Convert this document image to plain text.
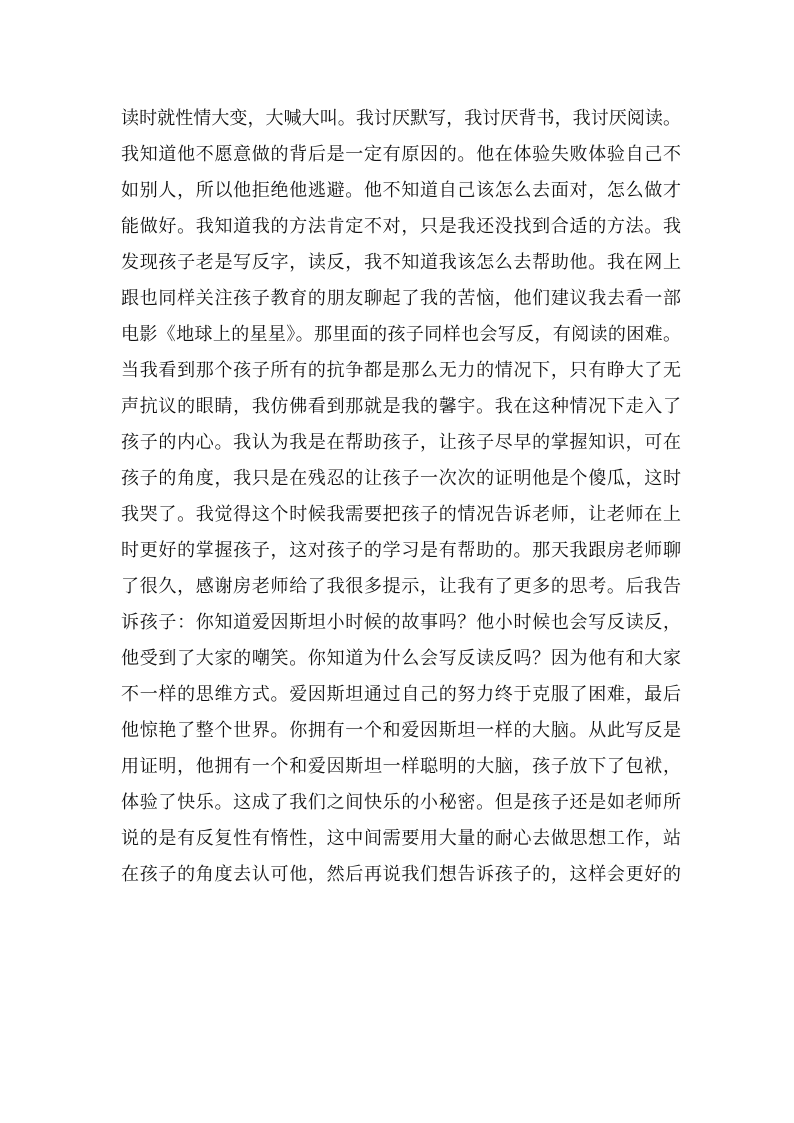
读时就性情大变，大喊大叫。我讨厌默写，我讨厌背书，我讨厌阅读。
我知道他不愿意做的背后是一定有原因的。他在体验失败体验自己不
如别人，所以他拒绝他逃避。他不知道自己该怎么去面对，怎么做才
能做好。我知道我的方法肯定不对，只是我还没找到合适的方法。我
发现孩子老是写反字，读反，我不知道我该怎么去帮助他。我在网上
跟也同样关注孩子教育的朋友聊起了我的苦恼，他们建议我去看一部
电影《地球上的星星》。那里面的孩子同样也会写反，有阅读的困难。
当我看到那个孩子所有的抗争都是那么无力的情况下，只有睁大了无
声抗议的眼睛，我仿佛看到那就是我的馨宇。我在这种情况下走入了
孩子的内心。我认为我是在帮助孩子，让孩子尽早的掌握知识，可在
孩子的角度，我只是在残忍的让孩子一次次的证明他是个傻瓜，这时
我哭了。我觉得这个时候我需要把孩子的情况告诉老师，让老师在上
时更好的掌握孩子，这对孩子的学习是有帮助的。那天我跟房老师聊
了很久，感谢房老师给了我很多提示，让我有了更多的思考。后我告
诉孩子：你知道爱因斯坦小时候的故事吗？他小时候也会写反读反，
他受到了大家的嘲笑。你知道为什么会写反读反吗？因为他有和大家
不一样的思维方式。爱因斯坦通过自己的努力终于克服了困难，最后
他惊艳了整个世界。你拥有一个和爱因斯坦一样的大脑。从此写反是
用证明，他拥有一个和爱因斯坦一样聪明的大脑，孩子放下了包袱，
体验了快乐。这成了我们之间快乐的小秘密。但是孩子还是如老师所
说的是有反复性有惰性，这中间需要用大量的耐心去做思想工作，站
在孩子的角度去认可他，然后再说我们想告诉孩子的，这样会更好的
